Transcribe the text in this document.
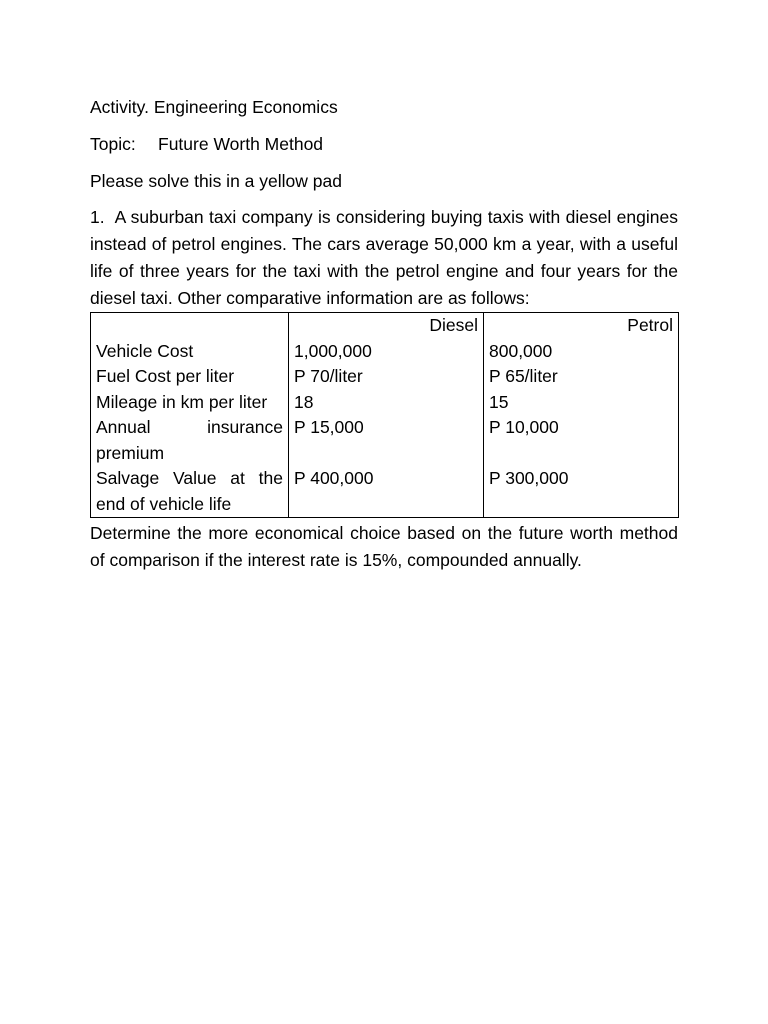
Activity. Engineering Economics

Topic: Future Worth Method

Please solve this in a yellow pad

1. A suburban taxi company is considering buying taxis with diesel engines instead of petrol engines. The cars average 50,000 km a year, with a useful life of three years for the taxi with the petrol engine and four years for the diesel taxi. Other comparative information are as follows:

	Diesel	Petrol
Vehicle Cost	1,000,000	800,000
Fuel Cost per liter	P 70/liter	P 65/liter
Mileage in km per liter	18	15
Annual insurance premium	P 15,000	P 10,000
Salvage Value at the end of vehicle life	P 400,000	P 300,000

Determine the more economical choice based on the future worth method of comparison if the interest rate is 15%, compounded annually.
